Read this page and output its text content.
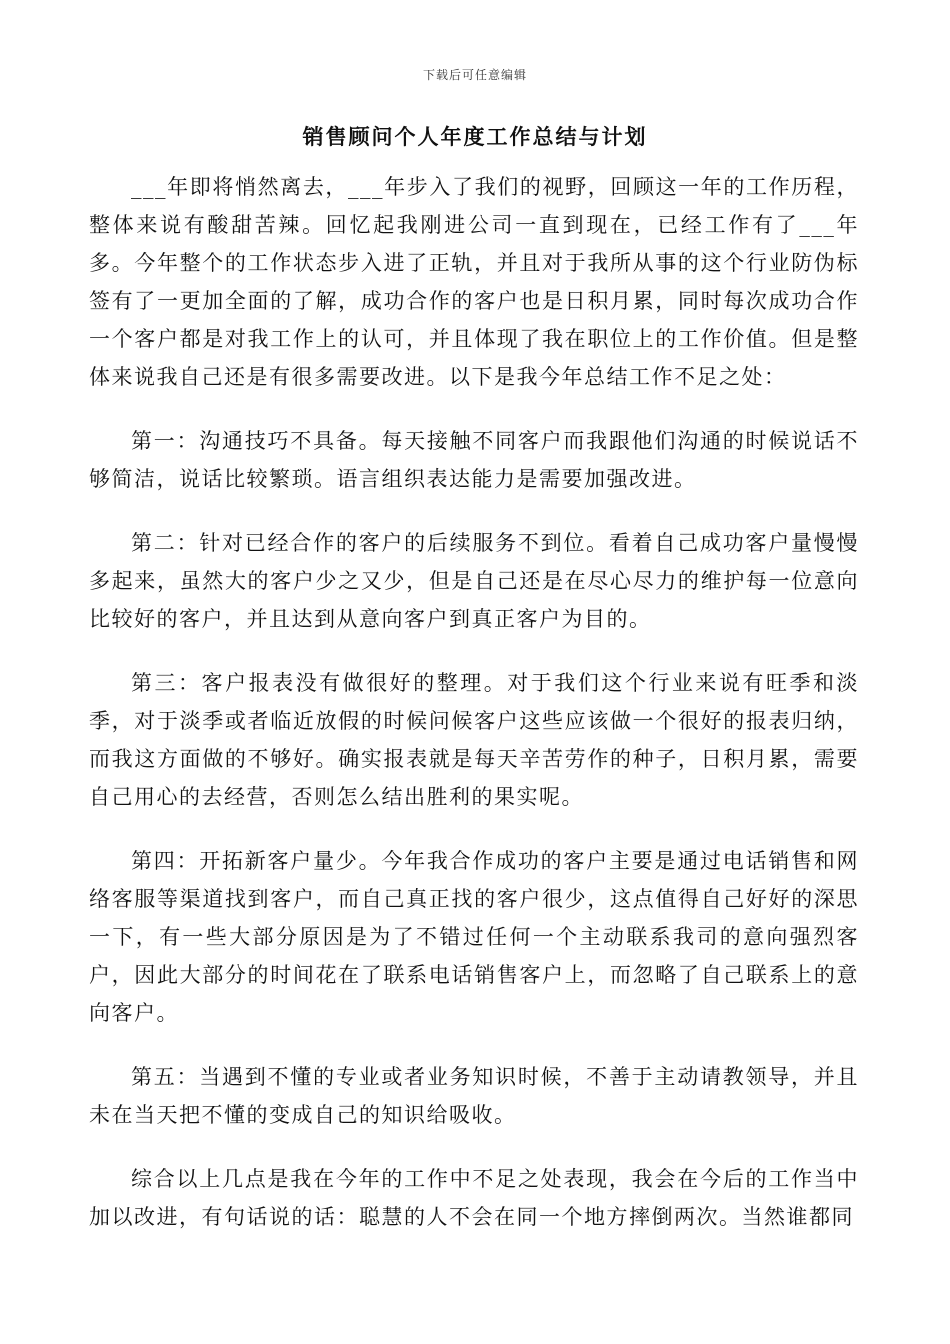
下载后可任意编辑
销售顾问个人年度工作总结与计划

___年即将悄然离去，___年步入了我们的视野，回顾这一年的工作历程，整体来说有酸甜苦辣。回忆起我刚进公司一直到现在，已经工作有了___年多。今年整个的工作状态步入进了正轨，并且对于我所从事的这个行业防伪标签有了一更加全面的了解，成功合作的客户也是日积月累，同时每次成功合作一个客户都是对我工作上的认可，并且体现了我在职位上的工作价值。但是整体来说我自己还是有很多需要改进。以下是我今年总结工作不足之处：

第一：沟通技巧不具备。每天接触不同客户而我跟他们沟通的时候说话不够简洁，说话比较繁琐。语言组织表达能力是需要加强改进。

第二：针对已经合作的客户的后续服务不到位。看着自己成功客户量慢慢多起来，虽然大的客户少之又少，但是自己还是在尽心尽力的维护每一位意向比较好的客户，并且达到从意向客户到真正客户为目的。

第三：客户报表没有做很好的整理。对于我们这个行业来说有旺季和淡季，对于淡季或者临近放假的时候问候客户这些应该做一个很好的报表归纳，而我这方面做的不够好。确实报表就是每天辛苦劳作的种子，日积月累，需要自己用心的去经营，否则怎么结出胜利的果实呢。

第四：开拓新客户量少。今年我合作成功的客户主要是通过电话销售和网络客服等渠道找到客户，而自己真正找的客户很少，这点值得自己好好的深思一下，有一些大部分原因是为了不错过任何一个主动联系我司的意向强烈客户，因此大部分的时间花在了联系电话销售客户上，而忽略了自己联系上的意向客户。

第五：当遇到不懂的专业或者业务知识时候，不善于主动请教领导，并且未在当天把不懂的变成自己的知识给吸收。

综合以上几点是我在今年的工作中不足之处表现，我会在今后的工作当中加以改进，有句话说的话：聪慧的人不会在同一个地方摔倒两次。当然谁都同
